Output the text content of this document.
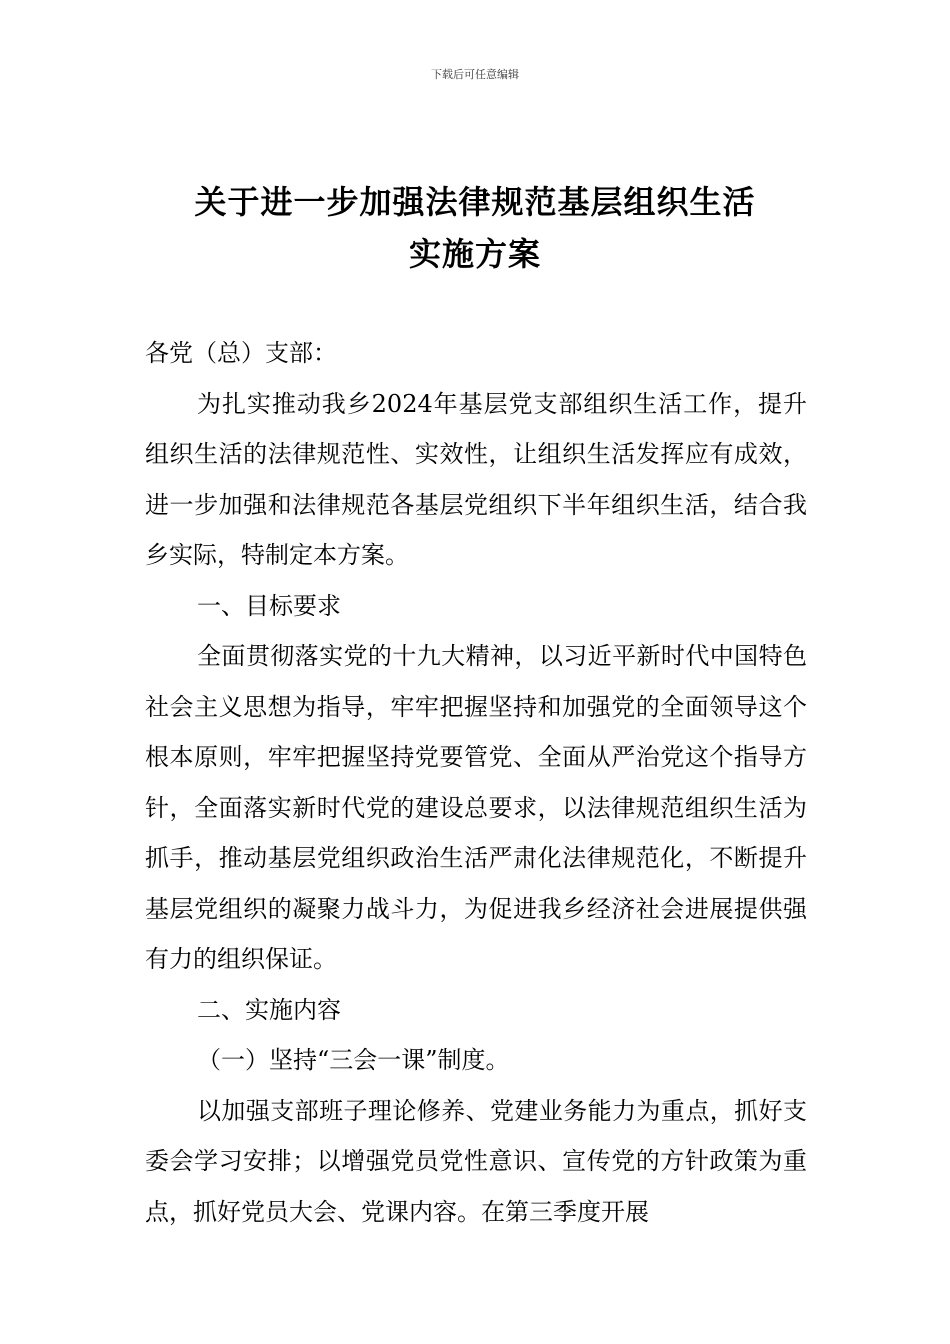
下载后可任意编辑
关于进一步加强法律规范基层组织生活
实施方案

各党（总）支部：

为扎实推动我乡2024年基层党支部组织生活工作，提升组织生活的法律规范性、实效性，让组织生活发挥应有成效，进一步加强和法律规范各基层党组织下半年组织生活，结合我乡实际，特制定本方案。

一、目标要求

全面贯彻落实党的十九大精神，以习近平新时代中国特色社会主义思想为指导，牢牢把握坚持和加强党的全面领导这个根本原则，牢牢把握坚持党要管党、全面从严治党这个指导方针，全面落实新时代党的建设总要求，以法律规范组织生活为抓手，推动基层党组织政治生活严肃化法律规范化，不断提升基层党组织的凝聚力战斗力，为促进我乡经济社会进展提供强有力的组织保证。

二、实施内容

（一）坚持“三会一课”制度。

以加强支部班子理论修养、党建业务能力为重点，抓好支委会学习安排；以增强党员党性意识、宣传党的方针政策为重点，抓好党员大会、党课内容。在第三季度开展
